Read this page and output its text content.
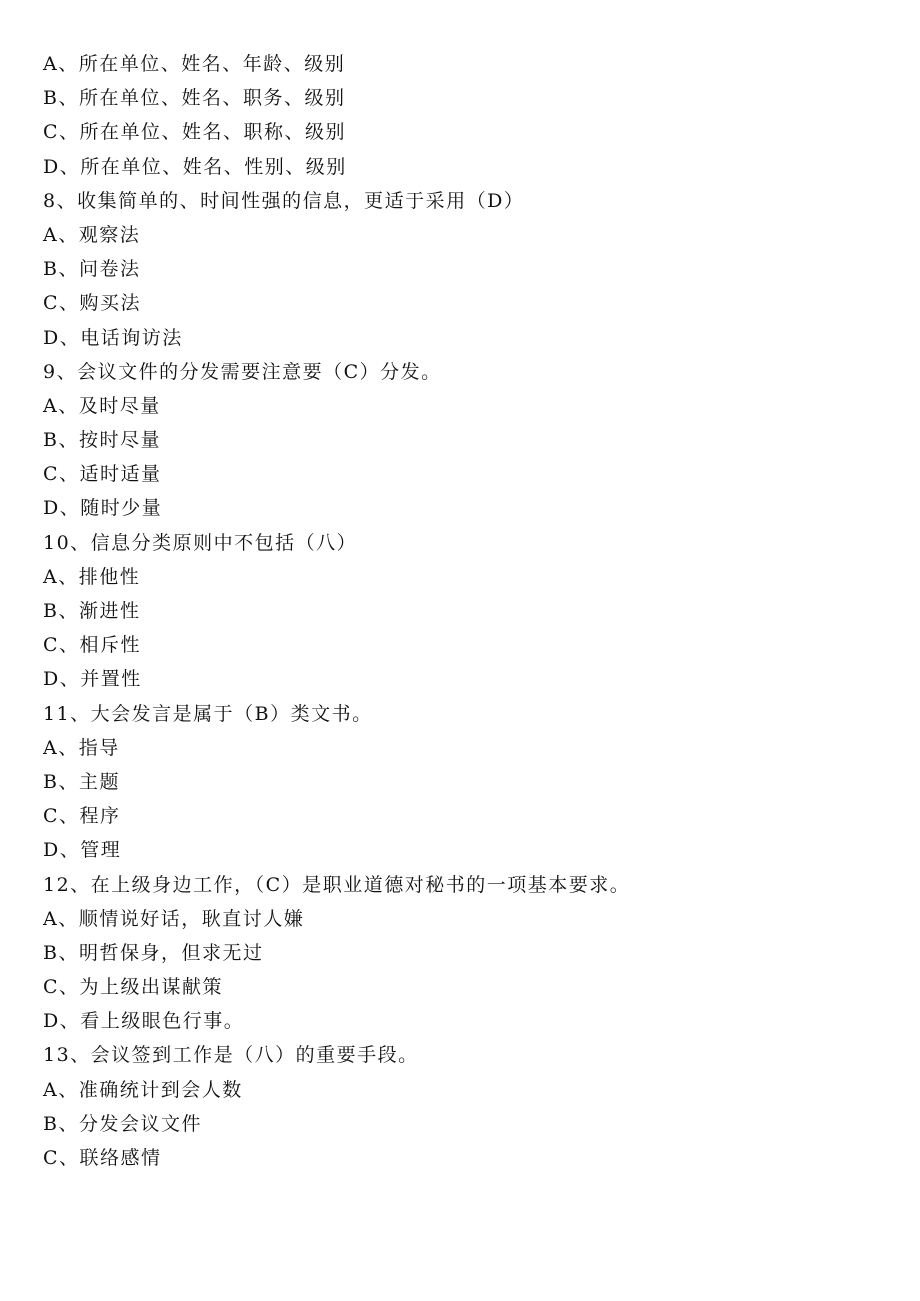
A、所在单位、姓名、年龄、级别
B、所在单位、姓名、职务、级别
C、所在单位、姓名、职称、级别
D、所在单位、姓名、性别、级别
8、收集简单的、时间性强的信息，更适于采用（D）
A、观察法
B、问卷法
C、购买法
D、电话询访法
9、会议文件的分发需要注意要（C）分发。
A、及时尽量
B、按时尽量
C、适时适量
D、随时少量
10、信息分类原则中不包括（八）
A、排他性
B、渐进性
C、相斥性
D、并置性
11、大会发言是属于（B）类文书。
A、指导
B、主题
C、程序
D、管理
12、在上级身边工作，（C）是职业道德对秘书的一项基本要求。
A、顺情说好话，耿直讨人嫌
B、明哲保身，但求无过
C、为上级出谋献策
D、看上级眼色行事。
13、会议签到工作是（八）的重要手段。
A、准确统计到会人数
B、分发会议文件
C、联络感情
